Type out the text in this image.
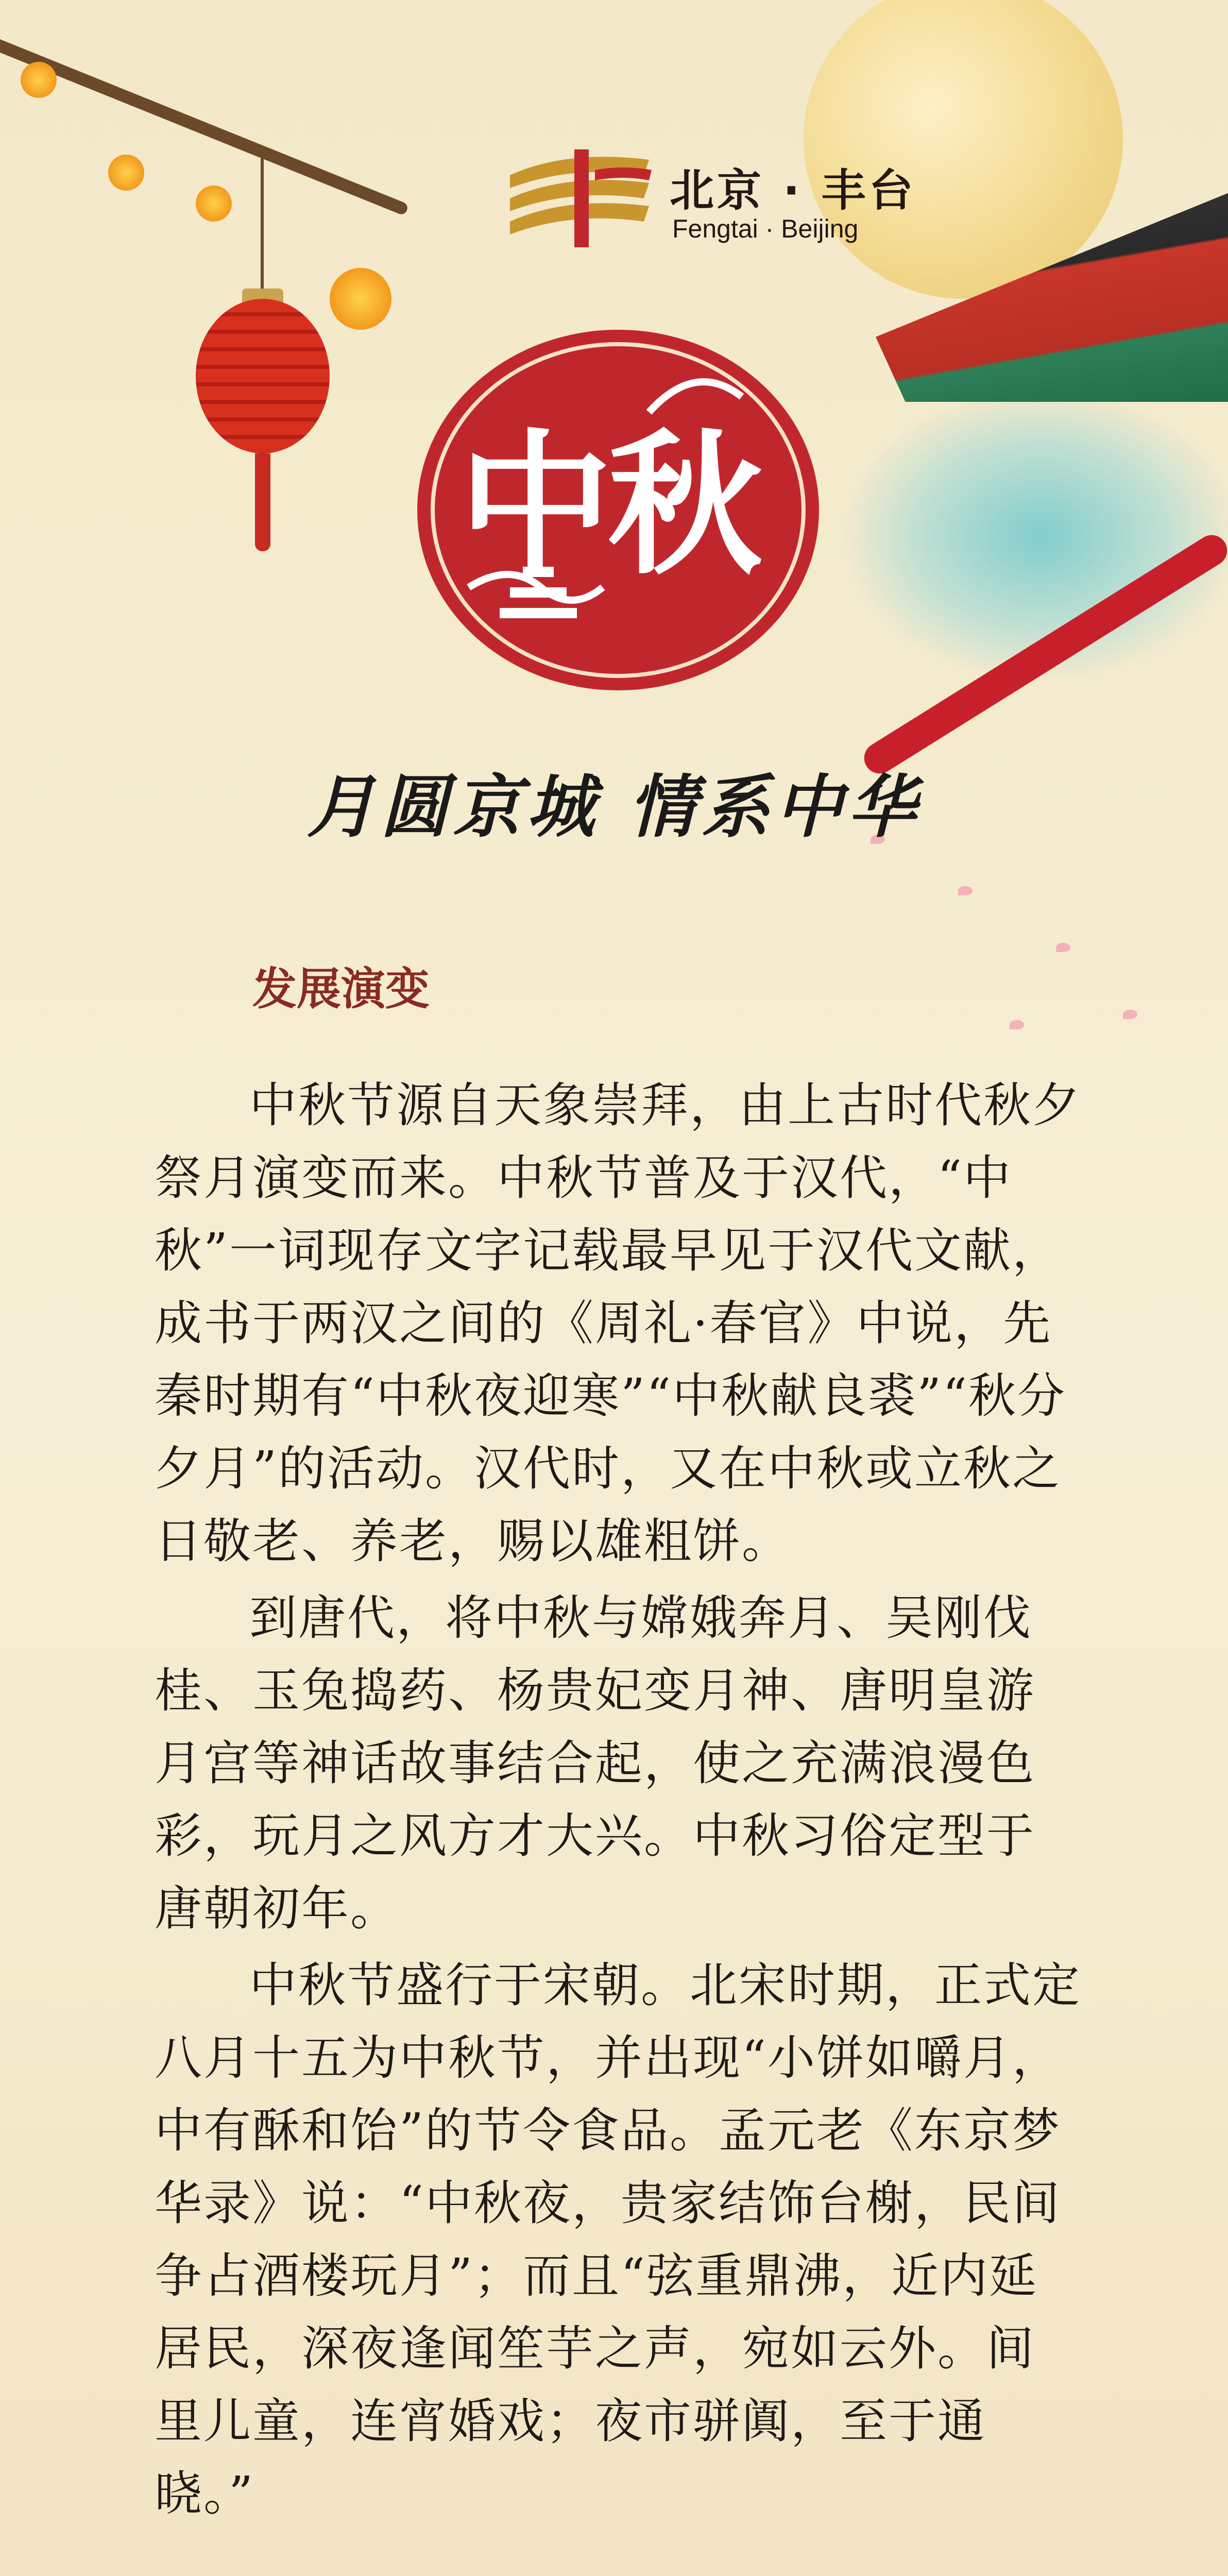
北京 · 丰台
Fengtai · Beijing
中秋
月圆京城 情系中华
发展演变

中秋节源自天象崇拜，由上古时代秋夕祭月演变而来。中秋节普及于汉代，“中秋”一词现存文字记载最早见于汉代文献，成书于两汉之间的《周礼·春官》中说，先秦时期有“中秋夜迎寒”“中秋献良裘”“秋分夕月”的活动。汉代时，又在中秋或立秋之日敬老、养老，赐以雄粗饼。

到唐代，将中秋与嫦娥奔月、吴刚伐桂、玉兔捣药、杨贵妃变月神、唐明皇游月宫等神话故事结合起，使之充满浪漫色彩，玩月之风方才大兴。中秋习俗定型于唐朝初年。

中秋节盛行于宋朝。北宋时期，正式定八月十五为中秋节，并出现“小饼如嚼月，中有酥和饴”的节令食品。孟元老《东京梦华录》说：“中秋夜，贵家结饰台榭，民间争占酒楼玩月”；而且“弦重鼎沸，近内延居民，深夜逢闻笙芋之声，宛如云外。间里儿童，连宵婚戏；夜市骈阗，至于通晓。”
